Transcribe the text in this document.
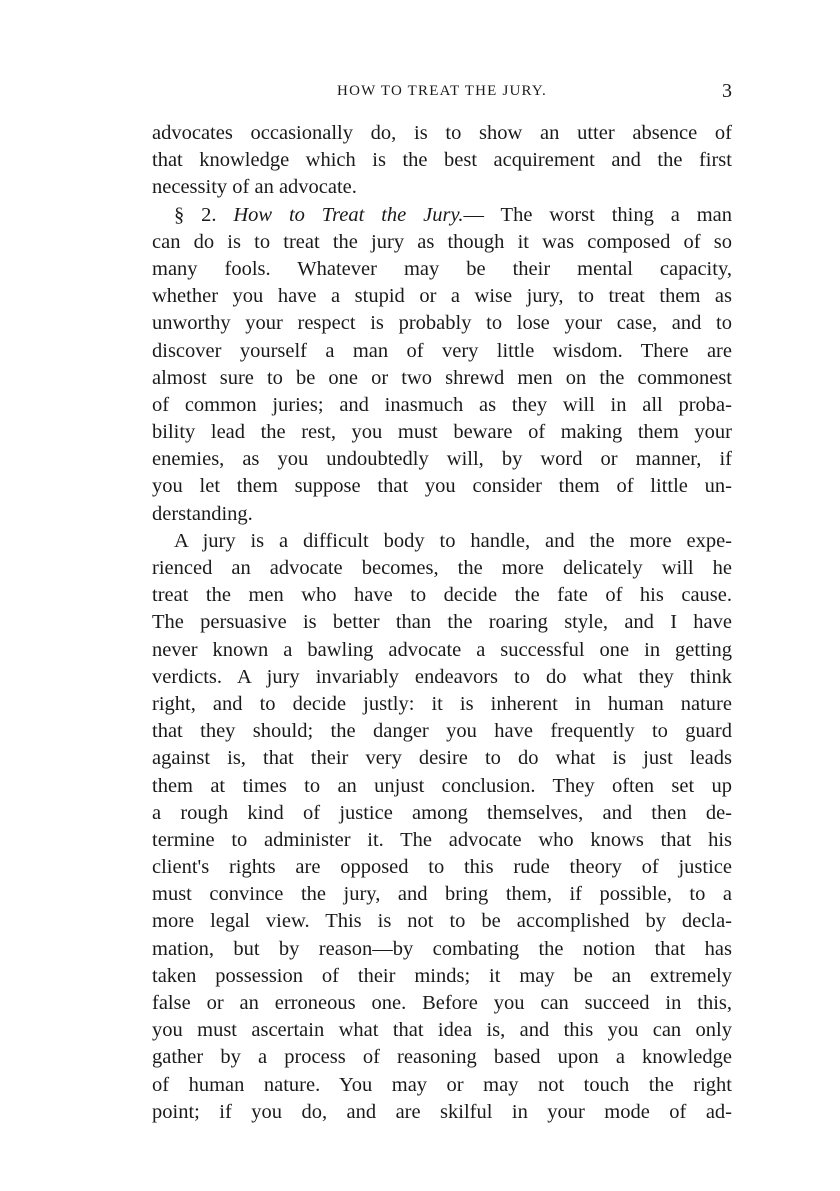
HOW TO TREAT THE JURY.	3
advocates occasionally do, is to show an utter absence of
that knowledge which is the best acquirement and the first
necessity of an advocate.
§ 2. How to Treat the Jury.— The worst thing a man
can do is to treat the jury as though it was composed of so
many fools. Whatever may be their mental capacity,
whether you have a stupid or a wise jury, to treat them as
unworthy your respect is probably to lose your case, and to
discover yourself a man of very little wisdom. There are
almost sure to be one or two shrewd men on the commonest
of common juries; and inasmuch as they will in all proba-
bility lead the rest, you must beware of making them your
enemies, as you undoubtedly will, by word or manner, if
you let them suppose that you consider them of little un-
derstanding.
A jury is a difficult body to handle, and the more expe-
rienced an advocate becomes, the more delicately will he
treat the men who have to decide the fate of his cause.
The persuasive is better than the roaring style, and I have
never known a bawling advocate a successful one in getting
verdicts. A jury invariably endeavors to do what they think
right, and to decide justly: it is inherent in human nature
that they should; the danger you have frequently to guard
against is, that their very desire to do what is just leads
them at times to an unjust conclusion. They often set up
a rough kind of justice among themselves, and then de-
termine to administer it. The advocate who knows that his
client's rights are opposed to this rude theory of justice
must convince the jury, and bring them, if possible, to a
more legal view. This is not to be accomplished by decla-
mation, but by reason—by combating the notion that has
taken possession of their minds; it may be an extremely
false or an erroneous one. Before you can succeed in this,
you must ascertain what that idea is, and this you can only
gather by a process of reasoning based upon a knowledge
of human nature. You may or may not touch the right
point; if you do, and are skilful in your mode of ad-
